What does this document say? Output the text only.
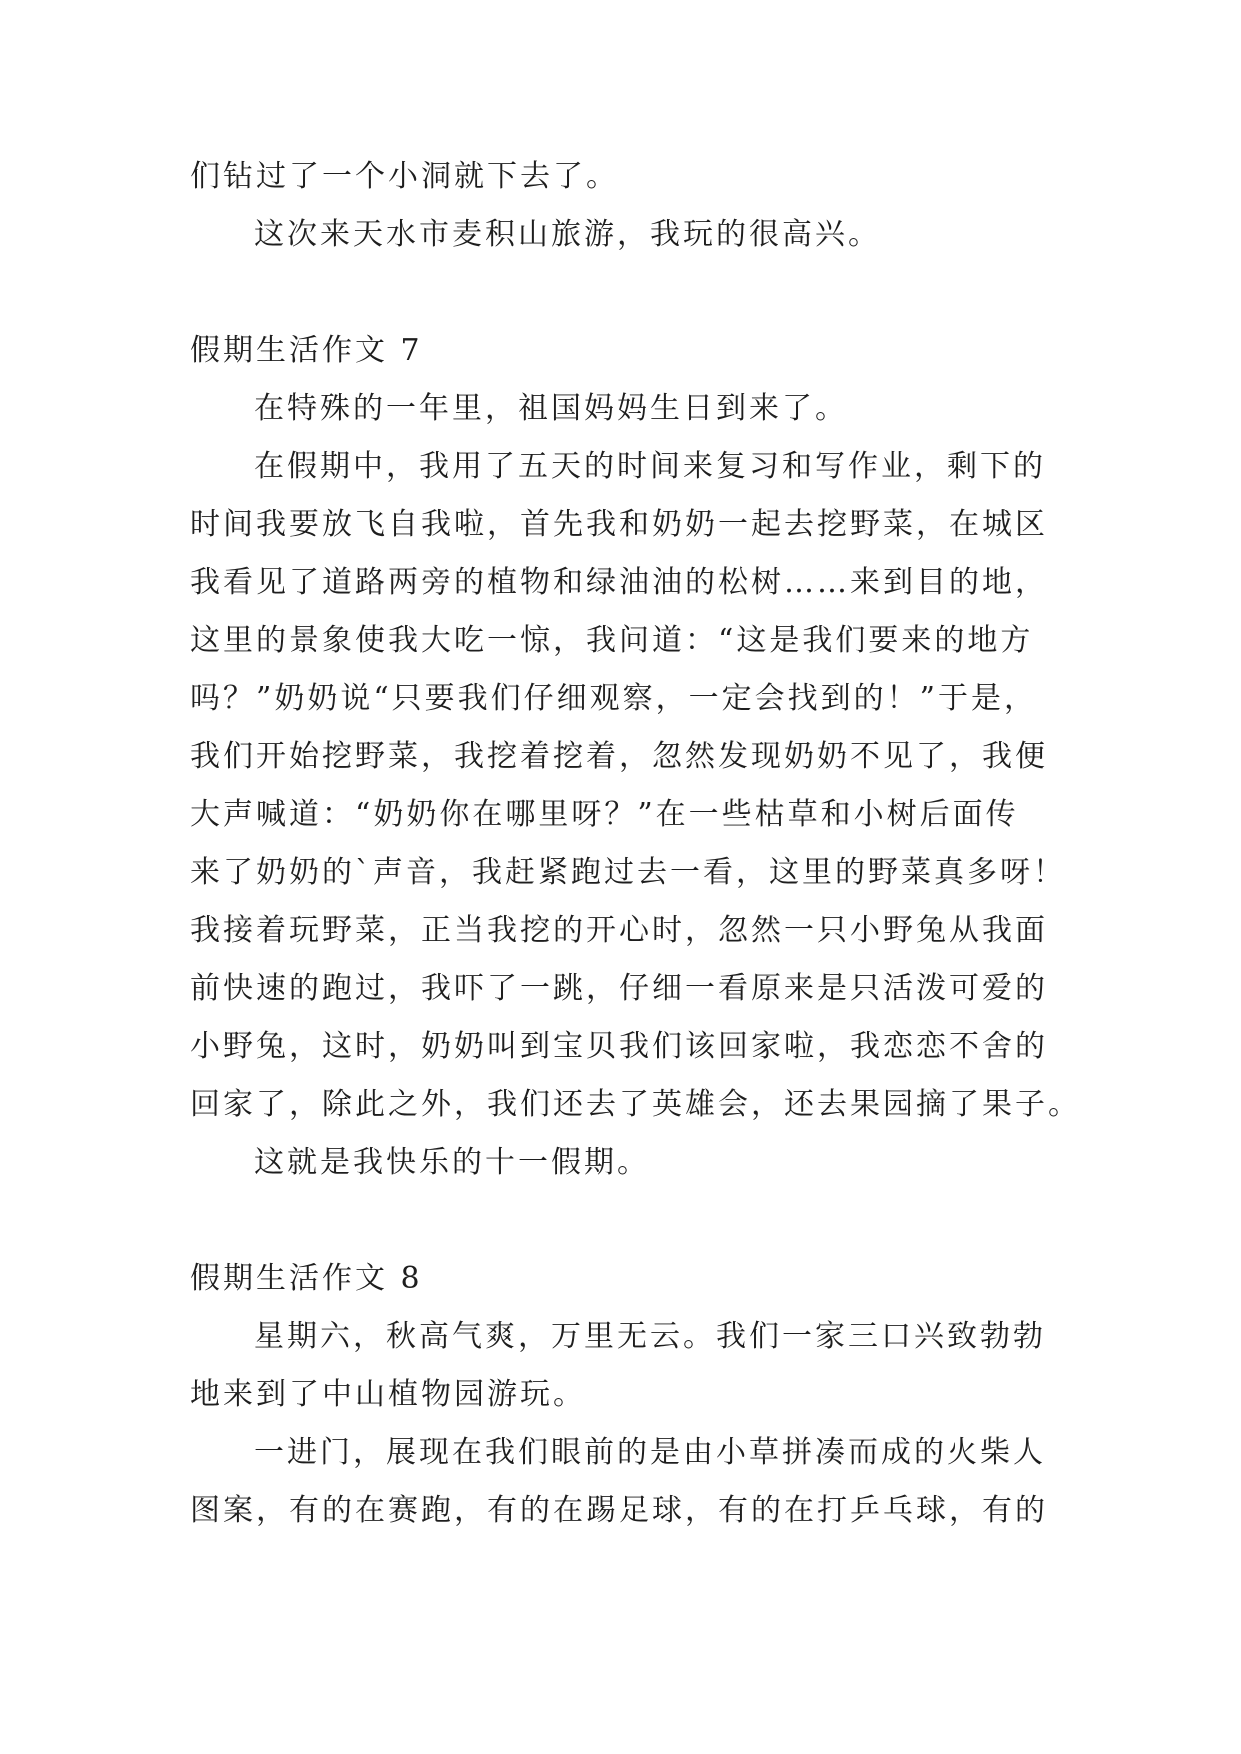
们钻过了一个小洞就下去了。
这次来天水市麦积山旅游，我玩的很高兴。
假期生活作文 7
在特殊的一年里，祖国妈妈生日到来了。
在假期中，我用了五天的时间来复习和写作业，剩下的
时间我要放飞自我啦，首先我和奶奶一起去挖野菜，在城区
我看见了道路两旁的植物和绿油油的松树……来到目的地，
这里的景象使我大吃一惊，我问道：“这是我们要来的地方
吗？”奶奶说“只要我们仔细观察，一定会找到的！”于是，
我们开始挖野菜，我挖着挖着，忽然发现奶奶不见了，我便
大声喊道：“奶奶你在哪里呀？”在一些枯草和小树后面传
来了奶奶的`声音，我赶紧跑过去一看，这里的野菜真多呀！
我接着玩野菜，正当我挖的开心时，忽然一只小野兔从我面
前快速的跑过，我吓了一跳，仔细一看原来是只活泼可爱的
小野兔，这时，奶奶叫到宝贝我们该回家啦，我恋恋不舍的
回家了，除此之外，我们还去了英雄会，还去果园摘了果子。
这就是我快乐的十一假期。
假期生活作文 8
星期六，秋高气爽，万里无云。我们一家三口兴致勃勃
地来到了中山植物园游玩。
一进门，展现在我们眼前的是由小草拼凑而成的火柴人
图案，有的在赛跑，有的在踢足球，有的在打乒乓球，有的
